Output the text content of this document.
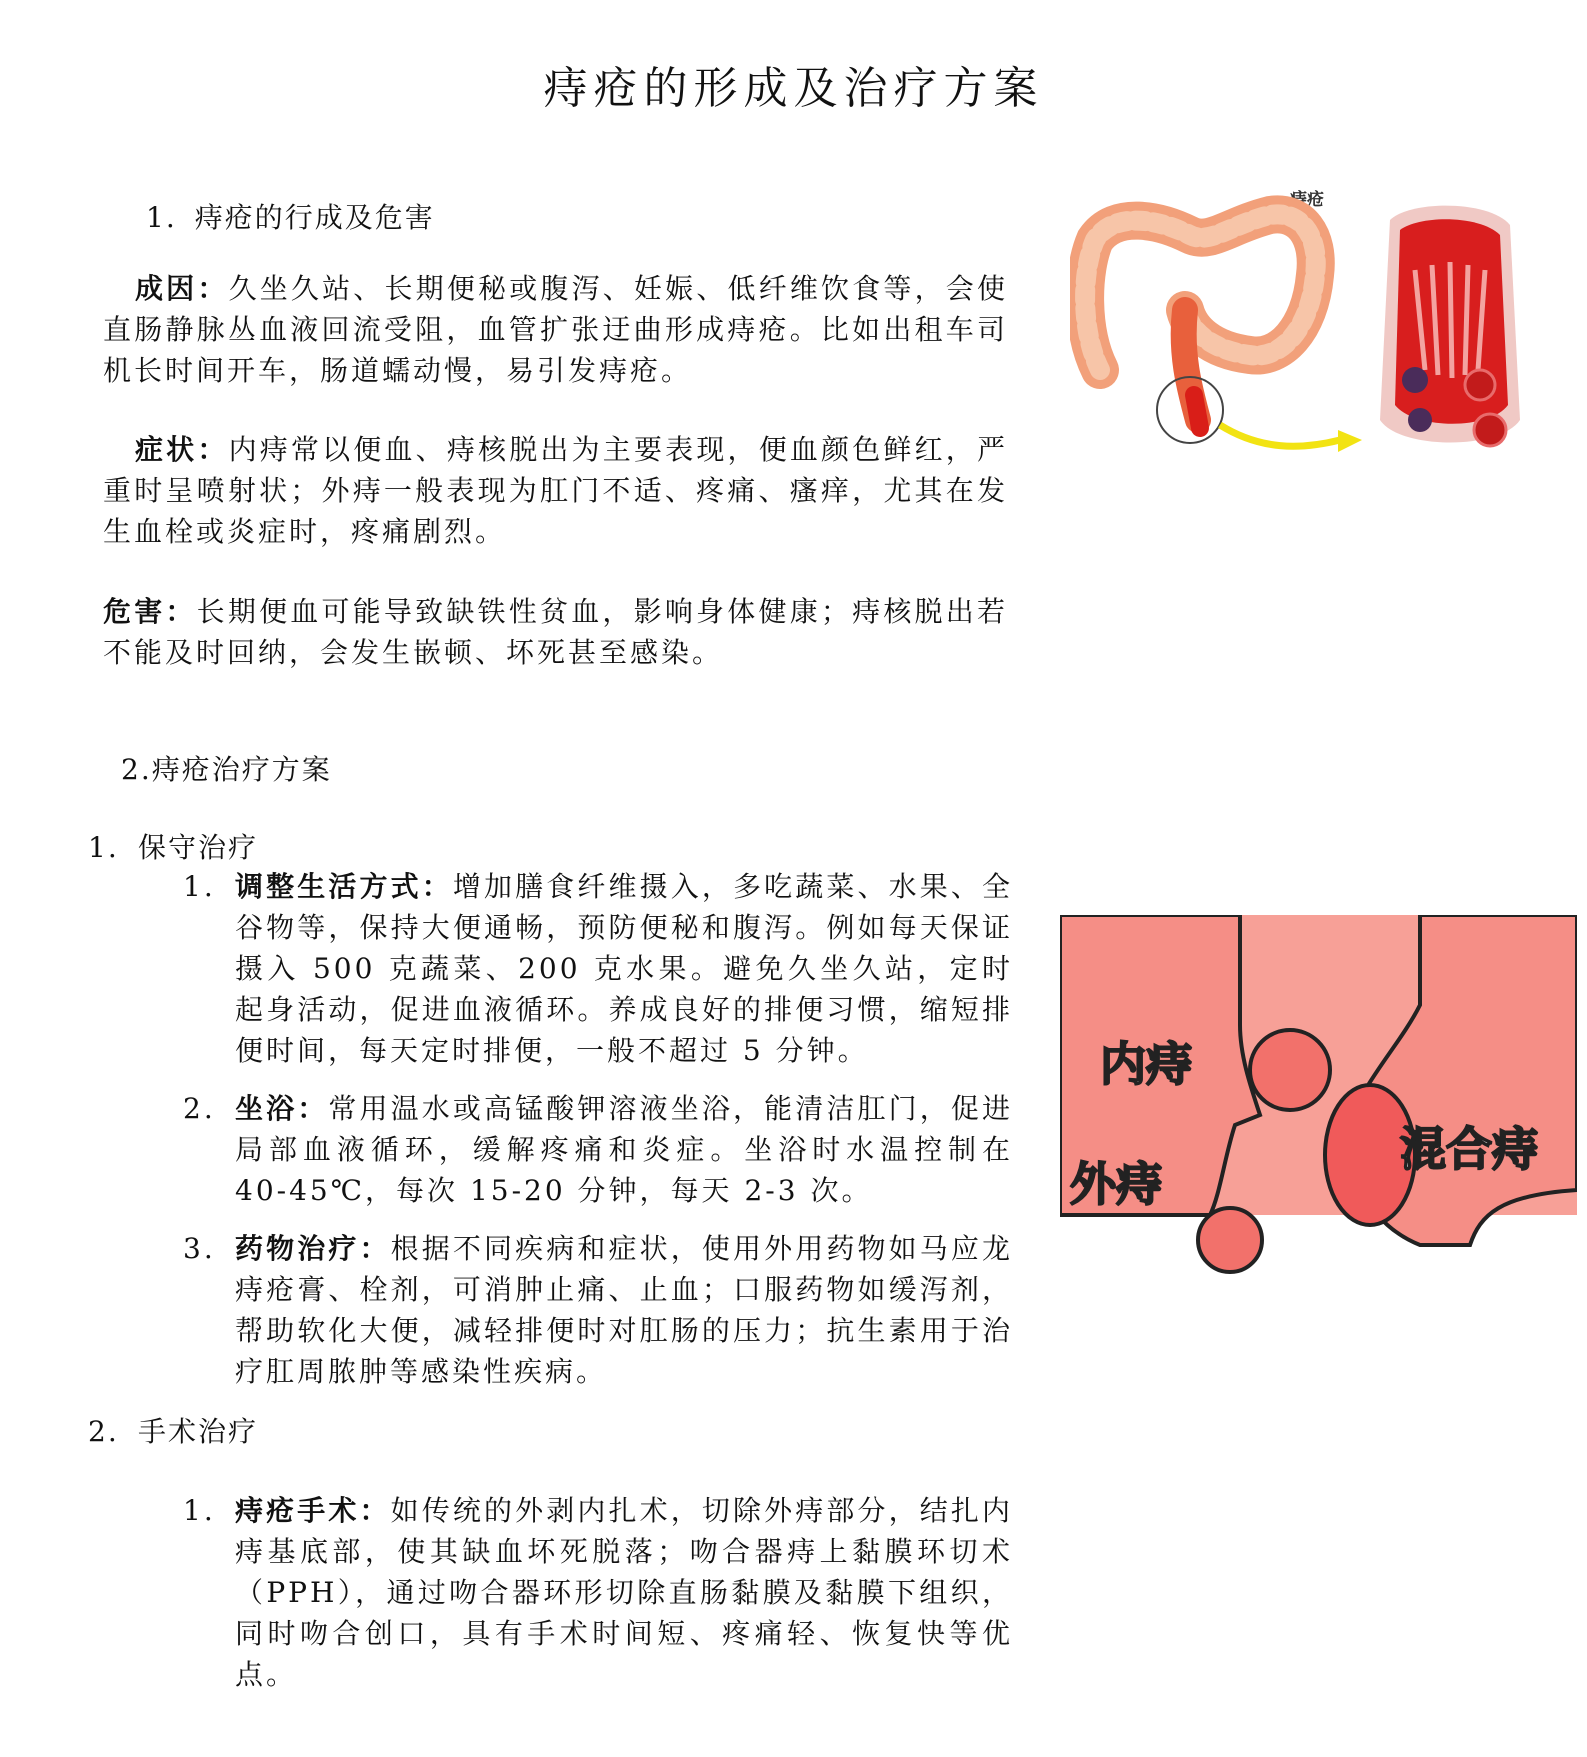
痔疮的形成及治疗方案
1. 痔疮的行成及危害

成因：久坐久站、长期便秘或腹泻、妊娠、低纤维饮食等，会使直肠静脉丛血液回流受阻，血管扩张迂曲形成痔疮。比如出租车司机长时间开车，肠道蠕动慢，易引发痔疮。

症状：内痔常以便血、痔核脱出为主要表现，便血颜色鲜红，严重时呈喷射状；外痔一般表现为肛门不适、疼痛、瘙痒，尤其在发生血栓或炎症时，疼痛剧烈。

危害：长期便血可能导致缺铁性贫血，影响身体健康；痔核脱出若不能及时回纳，会发生嵌顿、坏死甚至感染。

2.痔疮治疗方案
1. 保守治疗
1. 调整生活方式：增加膳食纤维摄入，多吃蔬菜、水果、全谷物等，保持大便通畅，预防便秘和腹泻。例如每天保证摄入 500 克蔬菜、200 克水果。避免久坐久站，定时起身活动，促进血液循环。养成良好的排便习惯，缩短排便时间，每天定时排便，一般不超过 5 分钟。
2. 坐浴：常用温水或高锰酸钾溶液坐浴，能清洁肛门，促进局部血液循环，缓解疼痛和炎症。坐浴时水温控制在 40-45℃，每次 15-20 分钟，每天 2-3 次。
3. 药物治疗：根据不同疾病和症状，使用外用药物如马应龙痔疮膏、栓剂，可消肿止痛、止血；口服药物如缓泻剂，帮助软化大便，减轻排便时对肛肠的压力；抗生素用于治疗肛周脓肿等感染性疾病。
2. 手术治疗
1. 痔疮手术：如传统的外剥内扎术，切除外痔部分，结扎内痔基底部，使其缺血坏死脱落；吻合器痔上黏膜环切术（PPH），通过吻合器环形切除直肠黏膜及黏膜下组织，同时吻合创口，具有手术时间短、疼痛轻、恢复快等优点。
痔疮
内痔
外痔
混合痔
